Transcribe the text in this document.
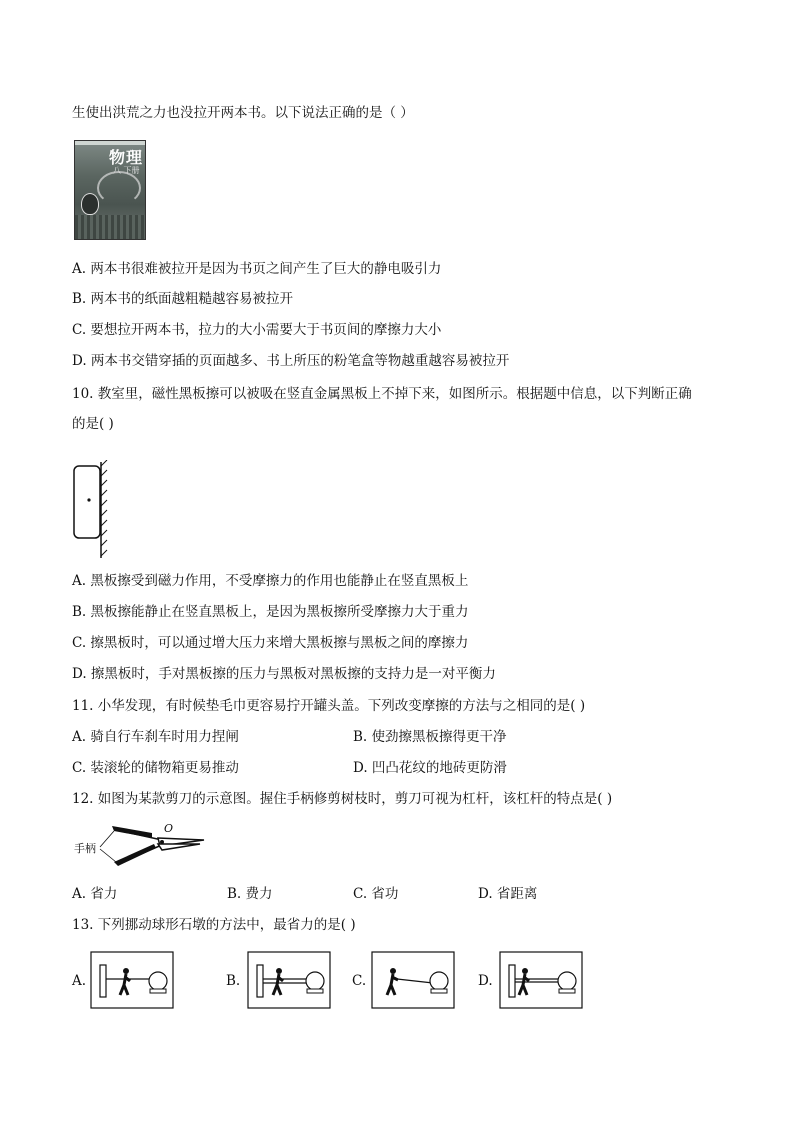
生使出洪荒之力也没拉开两本书。以下说法正确的是（ ）
物理
八 下册
A. 两本书很难被拉开是因为书页之间产生了巨大的静电吸引力
B. 两本书的纸面越粗糙越容易被拉开
C. 要想拉开两本书，拉力的大小需要大于书页间的摩擦力大小
D. 两本书交错穿插的页面越多、书上所压的粉笔盒等物越重越容易被拉开
10. 教室里，磁性黑板擦可以被吸在竖直金属黑板上不掉下来，如图所示。根据题中信息，以下判断正确
的是( )
A. 黑板擦受到磁力作用，不受摩擦力的作用也能静止在竖直黑板上
B. 黑板擦能静止在竖直黑板上，是因为黑板擦所受摩擦力大于重力
C. 擦黑板时，可以通过增大压力来增大黑板擦与黑板之间的摩擦力
D. 擦黑板时，手对黑板擦的压力与黑板对黑板擦的支持力是一对平衡力
11. 小华发现，有时候垫毛巾更容易拧开罐头盖。下列改变摩擦的方法与之相同的是( )
A. 骑自行车刹车时用力捏闸	B. 使劲擦黑板擦得更干净
C. 装滚轮的储物箱更易推动	D. 凹凸花纹的地砖更防滑
12. 如图为某款剪刀的示意图。握住手柄修剪树枝时，剪刀可视为杠杆，该杠杆的特点是( )
手柄
O
A. 省力	B. 费力	C. 省功	D. 省距离
13. 下列挪动球形石墩的方法中，最省力的是( )
A.	B.	C.	D.
